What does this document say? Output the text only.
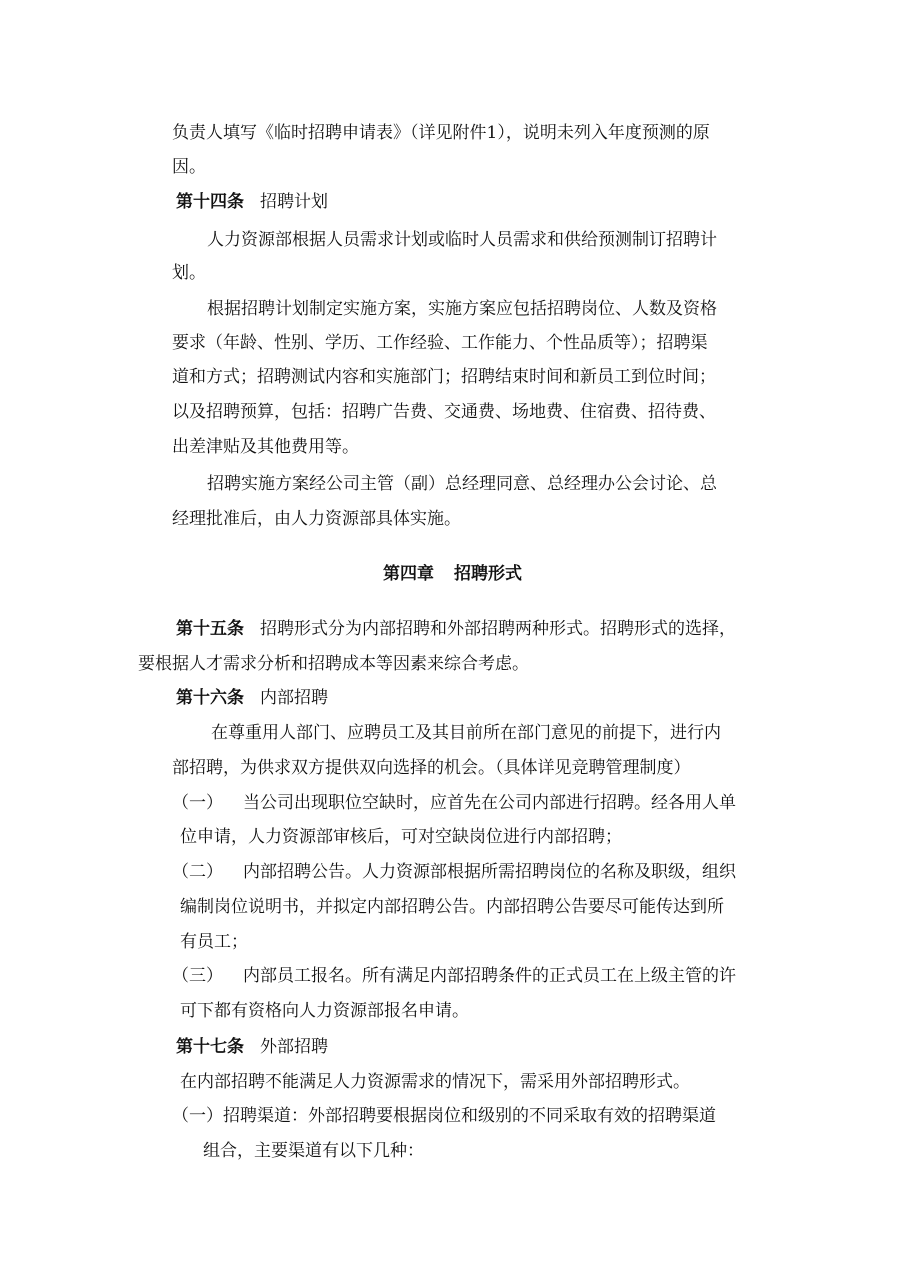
负责人填写《临时招聘申请表》（详见附件1），说明未列入年度预测的原
因。
第十四条 招聘计划
人力资源部根据人员需求计划或临时人员需求和供给预测制订招聘计
划。
根据招聘计划制定实施方案，实施方案应包括招聘岗位、人数及资格
要求（年龄、性别、学历、工作经验、工作能力、个性品质等）；招聘渠
道和方式；招聘测试内容和实施部门；招聘结束时间和新员工到位时间；
以及招聘预算，包括：招聘广告费、交通费、场地费、住宿费、招待费、
出差津贴及其他费用等。
招聘实施方案经公司主管（副）总经理同意、总经理办公会讨论、总
经理批准后，由人力资源部具体实施。
第四章 招聘形式
第十五条 招聘形式分为内部招聘和外部招聘两种形式。招聘形式的选择，
要根据人才需求分析和招聘成本等因素来综合考虑。
第十六条 内部招聘
在尊重用人部门、应聘员工及其目前所在部门意见的前提下，进行内
部招聘，为供求双方提供双向选择的机会。（具体详见竞聘管理制度）
（一） 当公司出现职位空缺时，应首先在公司内部进行招聘。经各用人单
位申请，人力资源部审核后，可对空缺岗位进行内部招聘；
（二） 内部招聘公告。人力资源部根据所需招聘岗位的名称及职级，组织
编制岗位说明书，并拟定内部招聘公告。内部招聘公告要尽可能传达到所
有员工；
（三） 内部员工报名。所有满足内部招聘条件的正式员工在上级主管的许
可下都有资格向人力资源部报名申请。
第十七条 外部招聘
在内部招聘不能满足人力资源需求的情况下，需采用外部招聘形式。
（一）招聘渠道：外部招聘要根据岗位和级别的不同采取有效的招聘渠道
组合，主要渠道有以下几种：
